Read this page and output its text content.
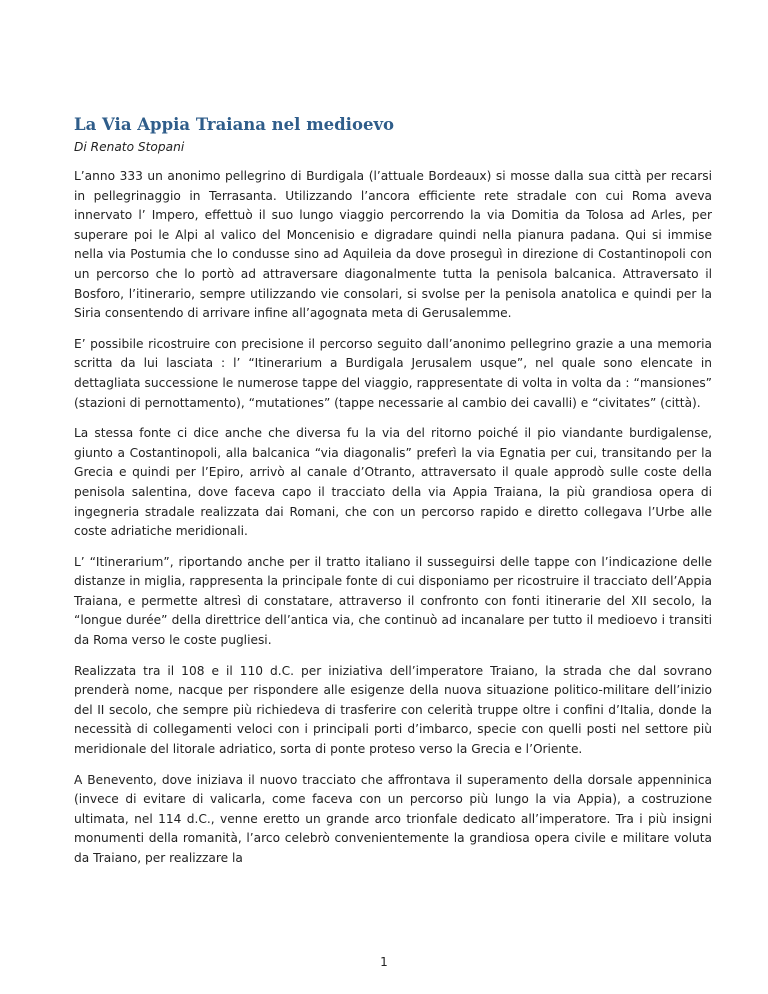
La Via Appia Traiana nel medioevo

Di Renato Stopani

L’anno 333 un anonimo pellegrino di Burdigala (l’attuale Bordeaux) si mosse dalla sua città per recarsi in pellegrinaggio in Terrasanta. Utilizzando l’ancora efficiente rete stradale con cui Roma aveva innervato l’ Impero, effettuò il suo lungo viaggio percorrendo la via Domitia da Tolosa ad Arles, per superare poi le Alpi al valico del Moncenisio e digradare quindi nella pianura padana. Qui si immise nella via Postumia che lo condusse sino ad Aquileia da dove proseguì in direzione di Costantinopoli con un percorso che lo portò ad attraversare diagonalmente tutta la penisola balcanica. Attraversato il Bosforo, l’itinerario, sempre utilizzando vie consolari, si svolse per la penisola anatolica e quindi per la Siria consentendo di arrivare infine all’agognata meta di Gerusalemme.

E’ possibile ricostruire con precisione il percorso seguito dall’anonimo pellegrino grazie a una memoria scritta da lui lasciata : l’ “Itinerarium a Burdigala Jerusalem usque”, nel quale sono elencate in dettagliata successione le numerose tappe del viaggio, rappresentate di volta in volta da : “mansiones” (stazioni di pernottamento), “mutationes” (tappe necessarie al cambio dei cavalli) e “civitates” (città).

La stessa fonte ci dice anche che diversa fu la via del ritorno poiché il pio viandante burdigalense, giunto a Costantinopoli, alla balcanica “via diagonalis” preferì la via Egnatia per cui, transitando per la Grecia e quindi per l’Epiro, arrivò al canale d’Otranto, attraversato il quale approdò sulle coste della penisola salentina, dove faceva capo il tracciato della via Appia Traiana, la più grandiosa opera di ingegneria stradale realizzata dai Romani, che con un percorso rapido e diretto collegava l’Urbe alle coste adriatiche meridionali.

L’ “Itinerarium”, riportando anche per il tratto italiano il susseguirsi delle tappe con l’indicazione delle distanze in miglia, rappresenta la principale fonte di cui disponiamo per ricostruire il tracciato dell’Appia Traiana, e permette altresì di constatare, attraverso il confronto con fonti itinerarie del XII secolo, la “longue durée” della direttrice dell’antica via, che continuò ad incanalare per tutto il medioevo i transiti da Roma verso le coste pugliesi.

Realizzata tra il 108 e il 110 d.C. per iniziativa dell’imperatore Traiano, la strada che dal sovrano prenderà nome, nacque per rispondere alle esigenze della nuova situazione politico-militare dell’inizio del II secolo, che sempre più richiedeva di trasferire con celerità truppe oltre i confini d’Italia, donde la necessità di collegamenti veloci con i principali porti d’imbarco, specie con quelli posti nel settore più meridionale del litorale adriatico, sorta di ponte proteso verso la Grecia e l’Oriente.

A Benevento, dove iniziava il nuovo tracciato che affrontava il superamento della dorsale appenninica (invece di evitare di valicarla, come faceva con un percorso più lungo la via Appia), a costruzione ultimata, nel 114 d.C., venne eretto un grande arco trionfale dedicato all’imperatore. Tra i più insigni monumenti della romanità, l’arco celebrò convenientemente la grandiosa opera civile e militare voluta da Traiano, per realizzare la

1
